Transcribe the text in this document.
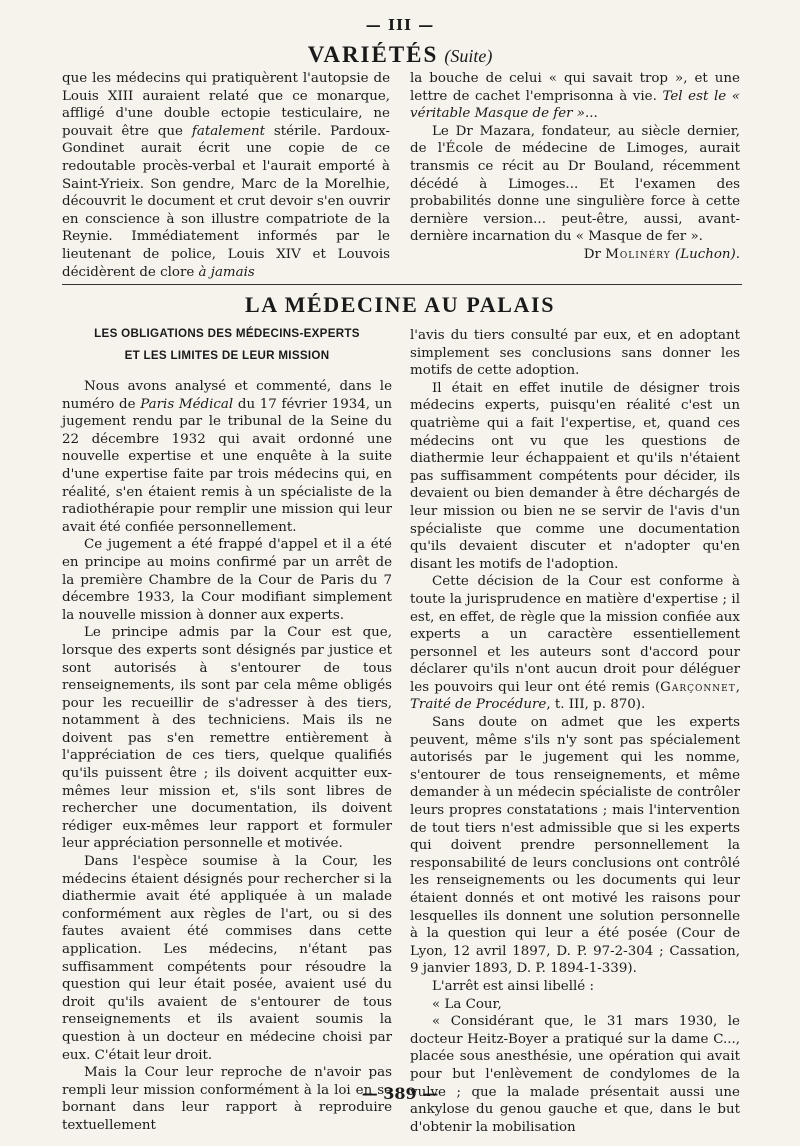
— III —
VARIÉTÉS (Suite)

que les médecins qui pratiquèrent l'autopsie de Louis XIII auraient relaté que ce monarque, affligé d'une double ectopie testiculaire, ne pouvait être que fatalement stérile. Pardoux-Gondinet aurait écrit une copie de ce redoutable procès-verbal et l'aurait emporté à Saint-Yrieix. Son gendre, Marc de la Morelhie, découvrit le document et crut devoir s'en ouvrir en conscience à son illustre compatriote de la Reynie. Immédiatement informés par le lieutenant de police, Louis XIV et Louvois décidèrent de clore à jamais

la bouche de celui « qui savait trop », et une lettre de cachet l'emprisonna à vie. Tel est le « véritable Masque de fer »...

Le Dr Mazara, fondateur, au siècle dernier, de l'École de médecine de Limoges, aurait transmis ce récit au Dr Bouland, récemment décédé à Limoges... Et l'examen des probabilités donne une singulière force à cette dernière version... peut-être, aussi, avant-dernière incarnation du « Masque de fer ».

Dr Molinéry (Luchon).

LA MÉDECINE AU PALAIS
LES OBLIGATIONS DES MÉDECINS-EXPERTS
ET LES LIMITES DE LEUR MISSION

Nous avons analysé et commenté, dans le numéro de Paris Médical du 17 février 1934, un jugement rendu par le tribunal de la Seine du 22 décembre 1932 qui avait ordonné une nouvelle expertise et une enquête à la suite d'une expertise faite par trois médecins qui, en réalité, s'en étaient remis à un spécialiste de la radiothérapie pour remplir une mission qui leur avait été confiée personnellement.

Ce jugement a été frappé d'appel et il a été en principe au moins confirmé par un arrêt de la première Chambre de la Cour de Paris du 7 décembre 1933, la Cour modifiant simplement la nouvelle mission à donner aux experts.

Le principe admis par la Cour est que, lorsque des experts sont désignés par justice et sont autorisés à s'entourer de tous renseignements, ils sont par cela même obligés pour les recueillir de s'adresser à des tiers, notamment à des techniciens. Mais ils ne doivent pas s'en remettre entièrement à l'appréciation de ces tiers, quelque qualifiés qu'ils puissent être ; ils doivent acquitter eux-mêmes leur mission et, s'ils sont libres de rechercher une documentation, ils doivent rédiger eux-mêmes leur rapport et formuler leur appréciation personnelle et motivée.

Dans l'espèce soumise à la Cour, les médecins étaient désignés pour rechercher si la diathermie avait été appliquée à un malade conformément aux règles de l'art, ou si des fautes avaient été commises dans cette application. Les médecins, n'étant pas suffisamment compétents pour résoudre la question qui leur était posée, avaient usé du droit qu'ils avaient de s'entourer de tous renseignements et ils avaient soumis la question à un docteur en médecine choisi par eux. C'était leur droit.

Mais la Cour leur reproche de n'avoir pas rempli leur mission conformément à la loi en se bornant dans leur rapport à reproduire textuellement

l'avis du tiers consulté par eux, et en adoptant simplement ses conclusions sans donner les motifs de cette adoption.

Il était en effet inutile de désigner trois médecins experts, puisqu'en réalité c'est un quatrième qui a fait l'expertise, et, quand ces médecins ont vu que les questions de diathermie leur échappaient et qu'ils n'étaient pas suffisamment compétents pour décider, ils devaient ou bien demander à être déchargés de leur mission ou bien ne se servir de l'avis d'un spécialiste que comme une documentation qu'ils devaient discuter et n'adopter qu'en disant les motifs de l'adoption.

Cette décision de la Cour est conforme à toute la jurisprudence en matière d'expertise ; il est, en effet, de règle que la mission confiée aux experts a un caractère essentiellement personnel et les auteurs sont d'accord pour déclarer qu'ils n'ont aucun droit pour déléguer les pouvoirs qui leur ont été remis (Garçonnet, Traité de Procédure, t. III, p. 870).

Sans doute on admet que les experts peuvent, même s'ils n'y sont pas spécialement autorisés par le jugement qui les nomme, s'entourer de tous renseignements, et même demander à un médecin spécialiste de contrôler leurs propres constatations ; mais l'intervention de tout tiers n'est admissible que si les experts qui doivent prendre personnellement la responsabilité de leurs conclusions ont contrôlé les renseignements ou les documents qui leur étaient donnés et ont motivé les raisons pour lesquelles ils donnent une solution personnelle à la question qui leur a été posée (Cour de Lyon, 12 avril 1897, D. P. 97-2-304 ; Cassation, 9 janvier 1893, D. P. 1894-1-339).

L'arrêt est ainsi libellé :

« La Cour,

« Considérant que, le 31 mars 1930, le docteur Heitz-Boyer a pratiqué sur la dame C..., placée sous anesthésie, une opération qui avait pour but l'enlèvement de condylomes de la vulve ; que la malade présentait aussi une ankylose du genou gauche et que, dans le but d'obtenir la mobilisation

— 389 —
